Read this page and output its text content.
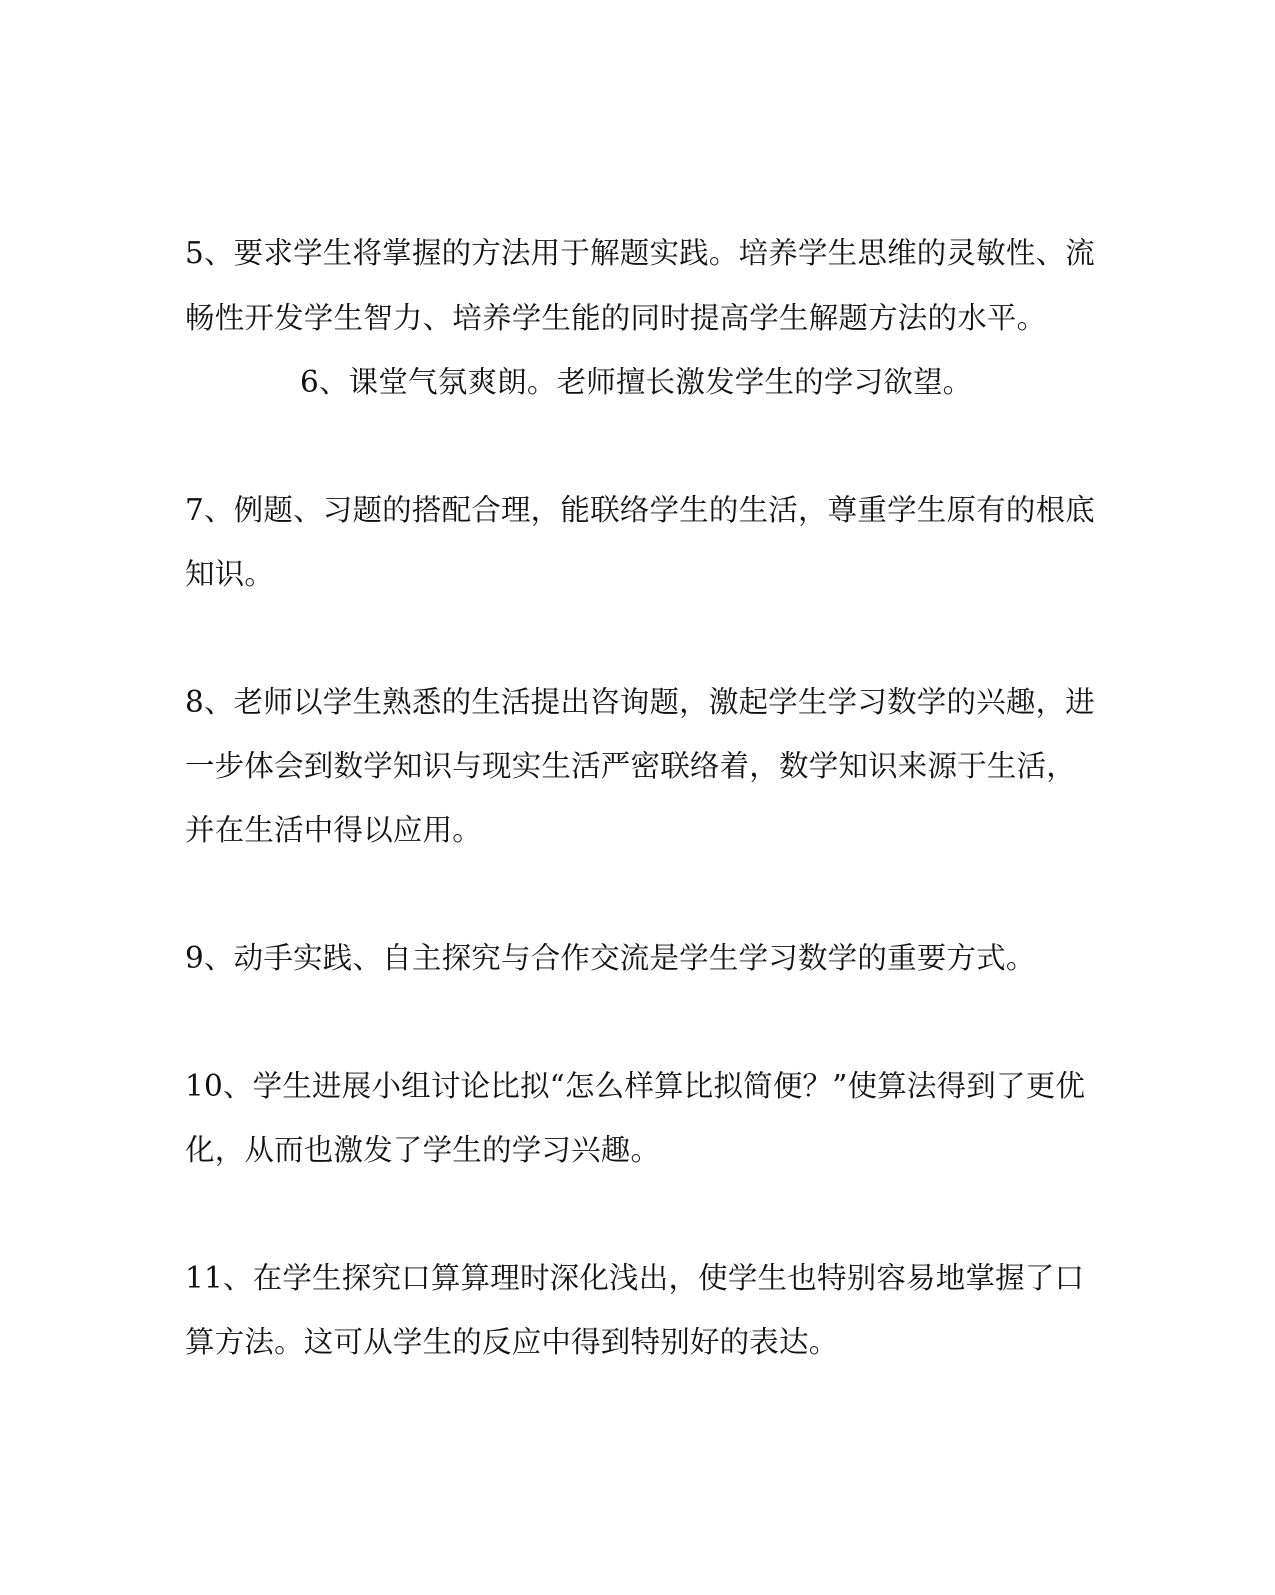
5、要求学生将掌握的方法用于解题实践。培养学生思维的灵敏性、流
畅性开发学生智力、培养学生能的同时提高学生解题方法的水平。
6、课堂气氛爽朗。老师擅长激发学生的学习欲望。
7、例题、习题的搭配合理，能联络学生的生活，尊重学生原有的根底
知识。
8、老师以学生熟悉的生活提出咨询题，激起学生学习数学的兴趣，进
一步体会到数学知识与现实生活严密联络着，数学知识来源于生活，
并在生活中得以应用。
9、动手实践、自主探究与合作交流是学生学习数学的重要方式。
10、学生进展小组讨论比拟“怎么样算比拟简便？”使算法得到了更优
化，从而也激发了学生的学习兴趣。
11、在学生探究口算算理时深化浅出，使学生也特别容易地掌握了口
算方法。这可从学生的反应中得到特别好的表达。
